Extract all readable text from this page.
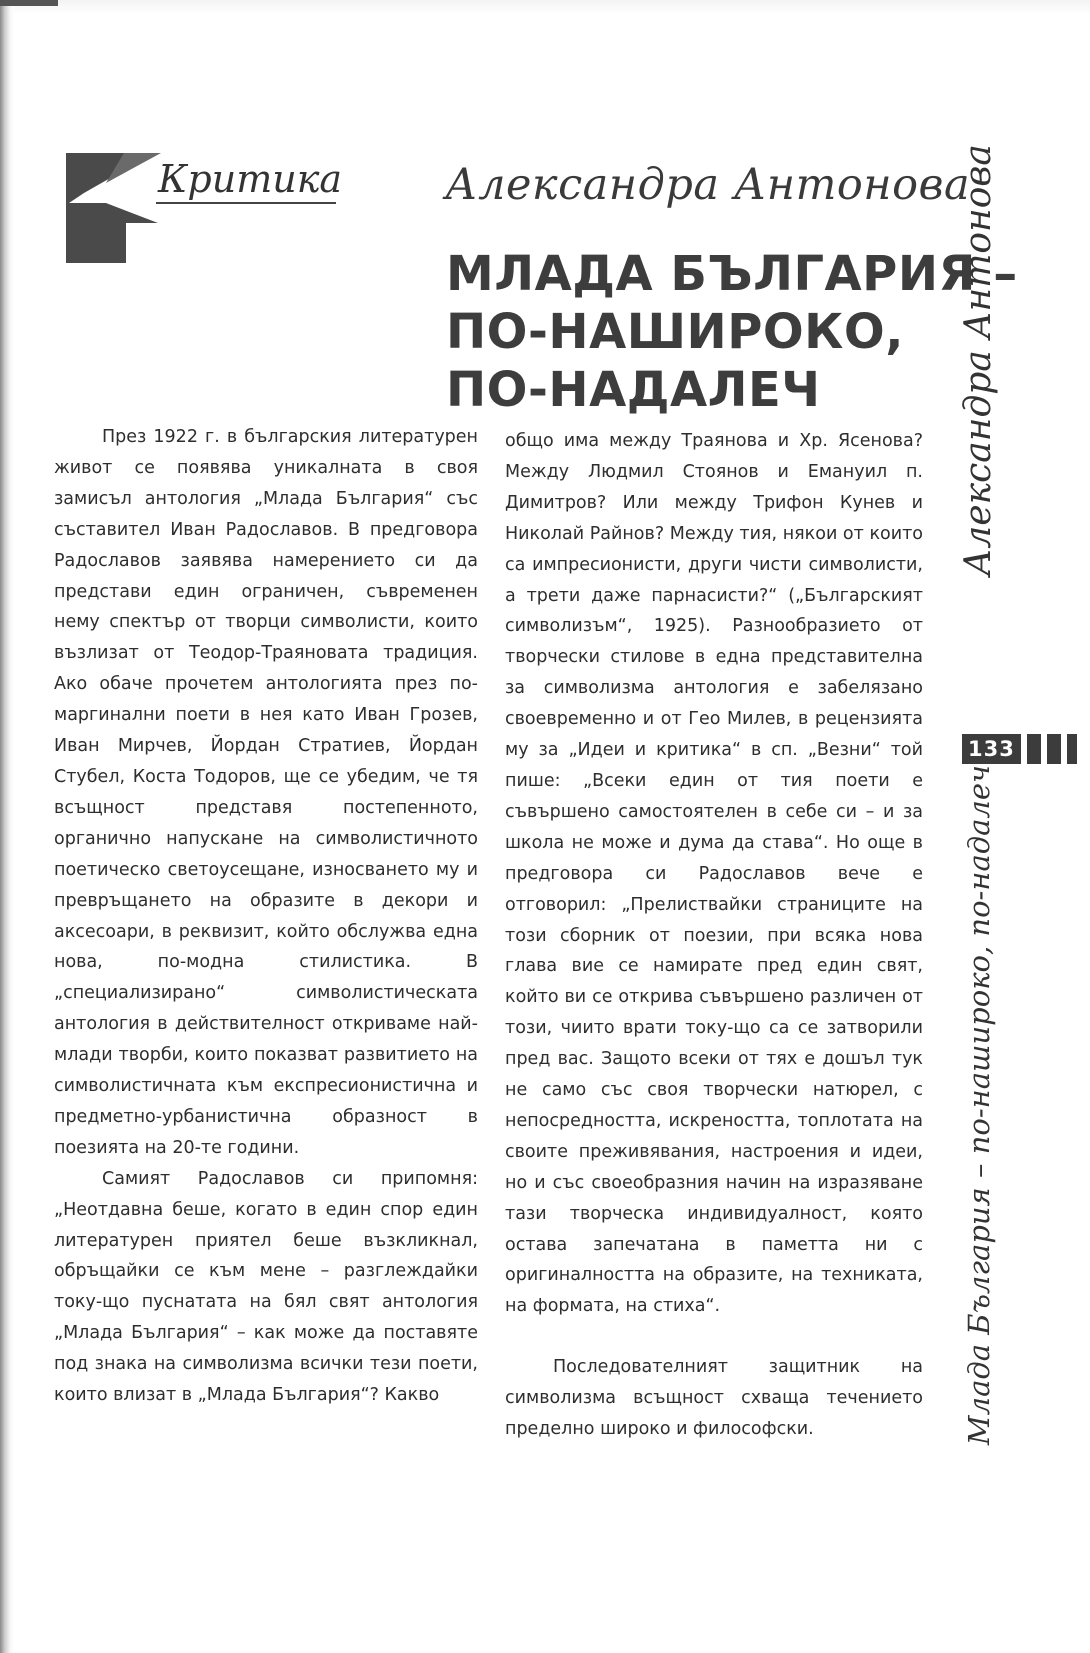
Критика Александра Антонова
МЛАДА БЪЛГАРИЯ –
ПО-НАШИРОКО,
ПО-НАДАЛЕЧ

През 1922 г. в българския литературен живот се появява уникалната в своя замисъл антология „Млада България“ със съставител Иван Радославов. В предговора Радославов заявява намерението си да представи един ограничен, съвременен нему спектър от творци символисти, които възлизат от Теодор-Траяновата традиция. Ако обаче прочетем антологията през по-маргинални поети в нея като Иван Грозев, Иван Мирчев, Йордан Стратиев, Йордан Стубел, Коста Тодоров, ще се убедим, че тя всъщност представя постепенното, органично напускане на символистичното поетическо светоусещане, износването му и превръщането на образите в декори и аксесоари, в реквизит, който обслужва една нова, по-модна стилистика. В „специализирано“ символистическата антология в действителност откриваме най-млади творби, които показват развитието на символистичната към експресионистична и предметно-урбанистична образност в поезията на 20-те години.

Самият Радославов си припомня: „Неотдавна беше, когато в един спор един литературен приятел беше възкликнал, обръщайки се към мене – разглеждайки току-що пуснатата на бял свят антология „Млада България“ – как може да поставяте под знака на символизма всички тези поети, които влизат в „Млада България“? Какво

общо има между Траянова и Хр. Ясенова? Между Людмил Стоянов и Емануил п. Димитров? Или между Трифон Кунев и Николай Райнов? Между тия, някои от които са импресионисти, други чисти символисти, а трети даже парнасисти?“ („Българският символизъм“, 1925). Разнообразието от творчески стилове в една представителна за символизма антология е забелязано своевременно и от Гео Милев, в рецензията му за „Идеи и критика“ в сп. „Везни“ той пише: „Всеки един от тия поети е съвършено самостоятелен в себе си – и за школа не може и дума да става“. Но още в предговора си Радославов вече е отговорил: „Прелиствайки страниците на този сборник от поезии, при всяка нова глава вие се намирате пред един свят, който ви се открива съвършено различен от този, чиито врати току-що са се затворили пред вас. Защото всеки от тях е дошъл тук не само със своя творчески натюрел, с непосредността, искреността, топлотата на своите преживявания, настроения и идеи, но и със своеобразния начин на изразяване тази творческа индивидуалност, която остава запечатана в паметта ни с оригиналността на образите, на техниката, на формата, на стиха“.

Последователният защитник на символизма всъщност схваща течението пределно широко и философски.

Александра Антонова
133
Млада България – по-нашироко, по-надалеч
